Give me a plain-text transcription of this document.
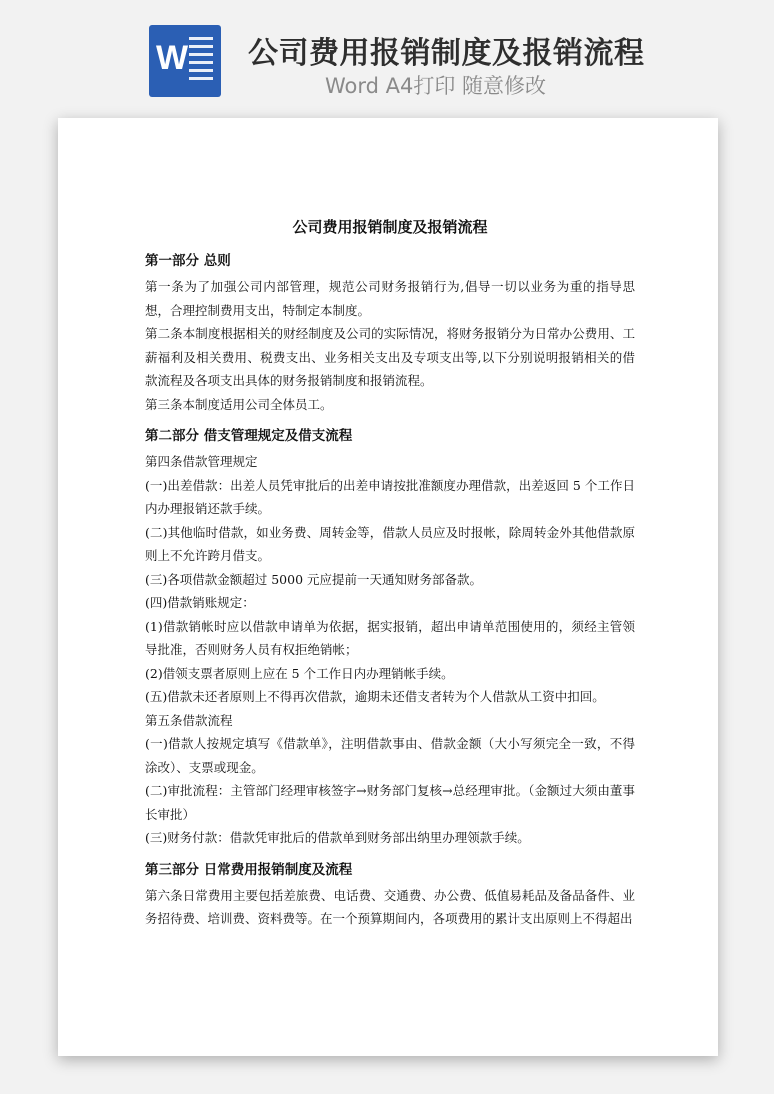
W 公司费用报销制度及报销流程
Word A4打印 随意修改
公司费用报销制度及报销流程
第一部分 总则

第一条为了加强公司内部管理，规范公司财务报销行为,倡导一切以业务为重的指导思想，合理控制费用支出，特制定本制度。

第二条本制度根据相关的财经制度及公司的实际情况，将财务报销分为日常办公费用、工薪福利及相关费用、税费支出、业务相关支出及专项支出等,以下分别说明报销相关的借款流程及各项支出具体的财务报销制度和报销流程。

第三条本制度适用公司全体员工。

第二部分 借支管理规定及借支流程

第四条借款管理规定

(一)出差借款：出差人员凭审批后的出差申请按批准额度办理借款，出差返回 5 个工作日内办理报销还款手续。

(二)其他临时借款，如业务费、周转金等，借款人员应及时报帐，除周转金外其他借款原则上不允许跨月借支。

(三)各项借款金额超过 5000 元应提前一天通知财务部备款。

(四)借款销账规定：

(1)借款销帐时应以借款申请单为依据，据实报销，超出申请单范围使用的，须经主管领导批准，否则财务人员有权拒绝销帐；

(2)借领支票者原则上应在 5 个工作日内办理销帐手续。

(五)借款未还者原则上不得再次借款，逾期未还借支者转为个人借款从工资中扣回。

第五条借款流程

(一)借款人按规定填写《借款单》，注明借款事由、借款金额（大小写须完全一致，不得涂改）、支票或现金。

(二)审批流程：主管部门经理审核签字→财务部门复核→总经理审批。（金额过大须由董事长审批）

(三)财务付款：借款凭审批后的借款单到财务部出纳里办理领款手续。

第三部分 日常费用报销制度及流程

第六条日常费用主要包括差旅费、电话费、交通费、办公费、低值易耗品及备品备件、业务招待费、培训费、资料费等。在一个预算期间内，各项费用的累计支出原则上不得超出
